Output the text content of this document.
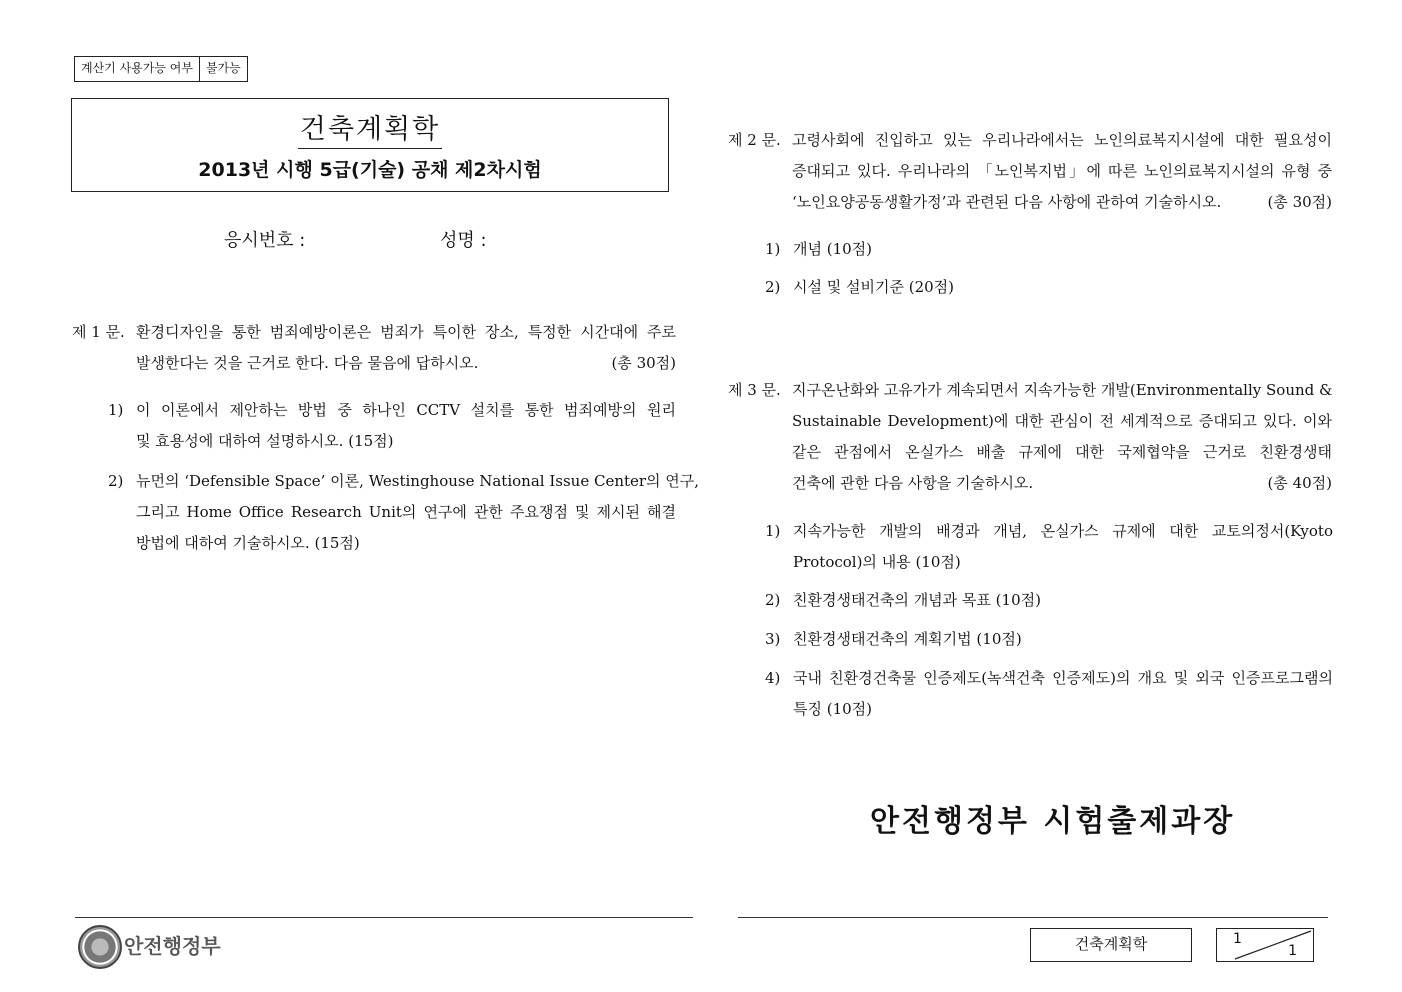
계산기 사용가능 여부	불가능
건축계획학
2013년 시행 5급(기술) 공채 제2차시험
응시번호 :	성명 :
제 1 문. 환경디자인을 통한 범죄예방이론은 범죄가 특이한 장소, 특정한 시간대에 주로
발생한다는 것을 근거로 한다. 다음 물음에 답하시오.	(총 30점)
1) 이 이론에서 제안하는 방법 중 하나인 CCTV 설치를 통한 범죄예방의 원리
및 효용성에 대하여 설명하시오. (15점)
2) 뉴먼의 ‘Defensible Space’ 이론, Westinghouse National Issue Center의 연구,
그리고 Home Office Research Unit의 연구에 관한 주요쟁점 및 제시된 해결
방법에 대하여 기술하시오. (15점)
제 2 문. 고령사회에 진입하고 있는 우리나라에서는 노인의료복지시설에 대한 필요성이
증대되고 있다. 우리나라의 「노인복지법」에 따른 노인의료복지시설의 유형 중
‘노인요양공동생활가정’과 관련된 다음 사항에 관하여 기술하시오.	(총 30점)
1) 개념 (10점)
2) 시설 및 설비기준 (20점)
제 3 문. 지구온난화와 고유가가 계속되면서 지속가능한 개발(Environmentally Sound &
Sustainable Development)에 대한 관심이 전 세계적으로 증대되고 있다. 이와
같은 관점에서 온실가스 배출 규제에 대한 국제협약을 근거로 친환경생태
건축에 관한 다음 사항을 기술하시오.	(총 40점)
1) 지속가능한 개발의 배경과 개념, 온실가스 규제에 대한 교토의정서(Kyoto
Protocol)의 내용 (10점)
2) 친환경생태건축의 개념과 목표 (10점)
3) 친환경생태건축의 계획기법 (10점)
4) 국내 친환경건축물 인증제도(녹색건축 인증제도)의 개요 및 외국 인증프로그램의
특징 (10점)
안전행정부 시험출제과장
안전행정부	건축계획학	1
1
